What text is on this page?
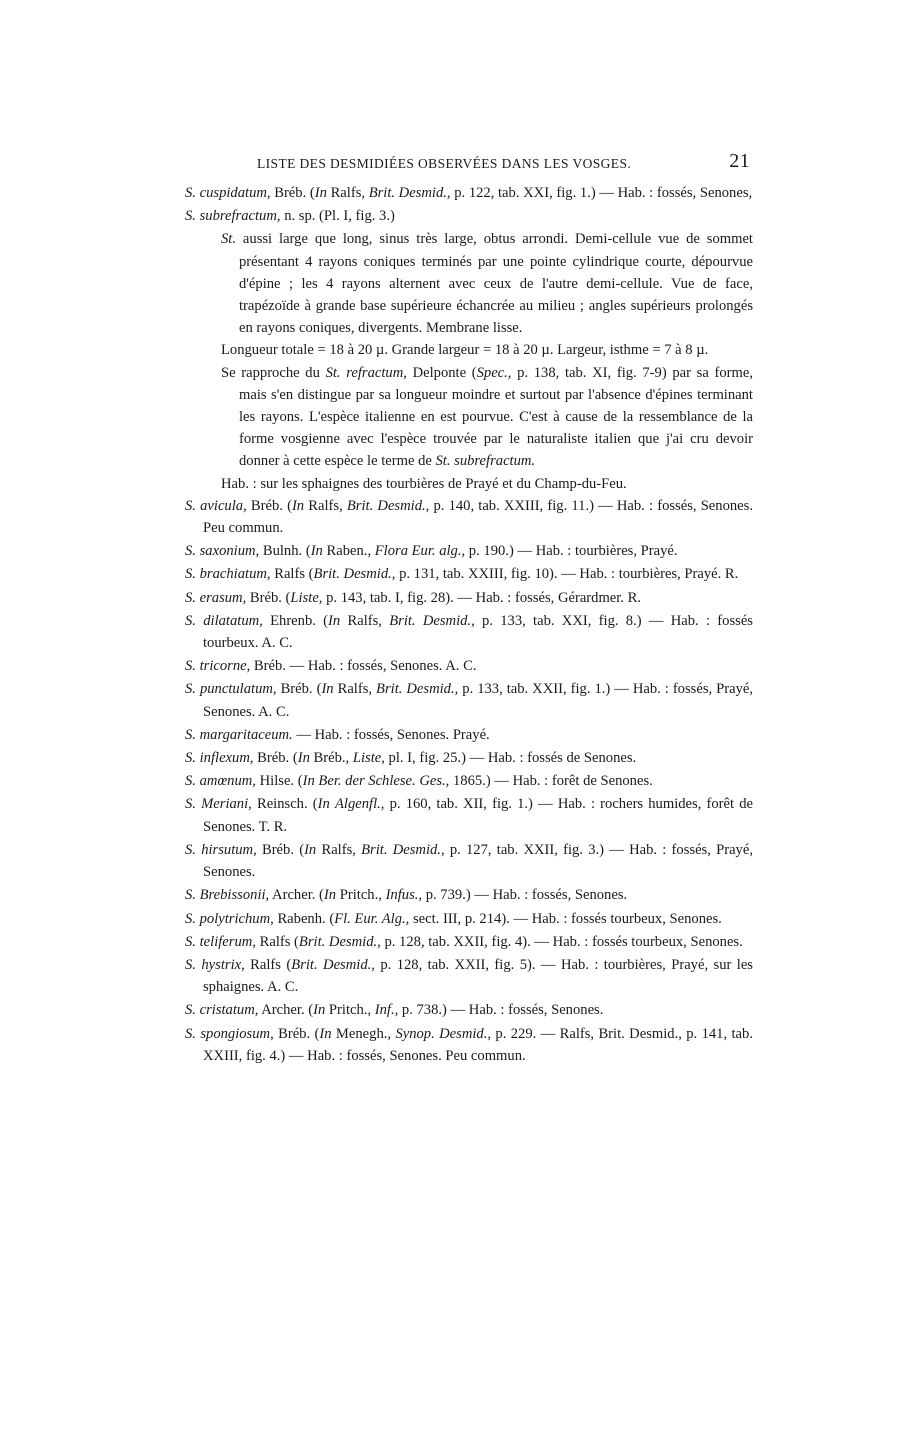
LISTE DES DESMIDIÉES OBSERVÉES DANS LES VOSGES.	21

S. cuspidatum, Bréb. (In Ralfs, Brit. Desmid., p. 122, tab. XXI, fig. 1.) — Hab. : fossés, Senones,

S. subrefractum, n. sp. (Pl. I, fig. 3.)

St. aussi large que long, sinus très large, obtus arrondi. Demi-cellule vue de sommet présentant 4 rayons coniques terminés par une pointe cylindrique courte, dépourvue d'épine ; les 4 rayons alternent avec ceux de l'autre demi-cellule. Vue de face, trapézoïde à grande base supérieure échancrée au milieu ; angles supérieurs prolongés en rayons coniques, divergents. Membrane lisse.

Longueur totale = 18 à 20 µ. Grande largeur = 18 à 20 µ. Largeur, isthme = 7 à 8 µ.

Se rapproche du St. refractum, Delponte (Spec., p. 138, tab. XI, fig. 7-9) par sa forme, mais s'en distingue par sa longueur moindre et surtout par l'absence d'épines terminant les rayons. L'espèce italienne en est pourvue. C'est à cause de la ressemblance de la forme vosgienne avec l'espèce trouvée par le naturaliste italien que j'ai cru devoir donner à cette espèce le terme de St. subrefractum.

Hab. : sur les sphaignes des tourbières de Prayé et du Champ-du-Feu.

S. avicula, Bréb. (In Ralfs, Brit. Desmid., p. 140, tab. XXIII, fig. 11.) — Hab. : fossés, Senones. Peu commun.

S. saxonium, Bulnh. (In Raben., Flora Eur. alg., p. 190.) — Hab. : tourbières, Prayé.

S. brachiatum, Ralfs (Brit. Desmid., p. 131, tab. XXIII, fig. 10). — Hab. : tourbières, Prayé. R.

S. erasum, Bréb. (Liste, p. 143, tab. I, fig. 28). — Hab. : fossés, Gérardmer. R.

S. dilatatum, Ehrenb. (In Ralfs, Brit. Desmid., p. 133, tab. XXI, fig. 8.) — Hab. : fossés tourbeux. A. C.

S. tricorne, Bréb. — Hab. : fossés, Senones. A. C.

S. punctulatum, Bréb. (In Ralfs, Brit. Desmid., p. 133, tab. XXII, fig. 1.) — Hab. : fossés, Prayé, Senones. A. C.

S. margaritaceum. — Hab. : fossés, Senones. Prayé.

S. inflexum, Bréb. (In Bréb., Liste, pl. I, fig. 25.) — Hab. : fossés de Senones.

S. amœnum, Hilse. (In Ber. der Schlese. Ges., 1865.) — Hab. : forêt de Senones.

S. Meriani, Reinsch. (In Algenfl., p. 160, tab. XII, fig. 1.) — Hab. : rochers humides, forêt de Senones. T. R.

S. hirsutum, Bréb. (In Ralfs, Brit. Desmid., p. 127, tab. XXII, fig. 3.) — Hab. : fossés, Prayé, Senones.

S. Brebissonii, Archer. (In Pritch., Infus., p. 739.) — Hab. : fossés, Senones.

S. polytrichum, Rabenh. (Fl. Eur. Alg., sect. III, p. 214). — Hab. : fossés tourbeux, Senones.

S. teliferum, Ralfs (Brit. Desmid., p. 128, tab. XXII, fig. 4). — Hab. : fossés tourbeux, Senones.

S. hystrix, Ralfs (Brit. Desmid., p. 128, tab. XXII, fig. 5). — Hab. : tourbières, Prayé, sur les sphaignes. A. C.

S. cristatum, Archer. (In Pritch., Inf., p. 738.) — Hab. : fossés, Senones.

S. spongiosum, Bréb. (In Menegh., Synop. Desmid., p. 229. — Ralfs, Brit. Desmid., p. 141, tab. XXIII, fig. 4.) — Hab. : fossés, Senones. Peu commun.
